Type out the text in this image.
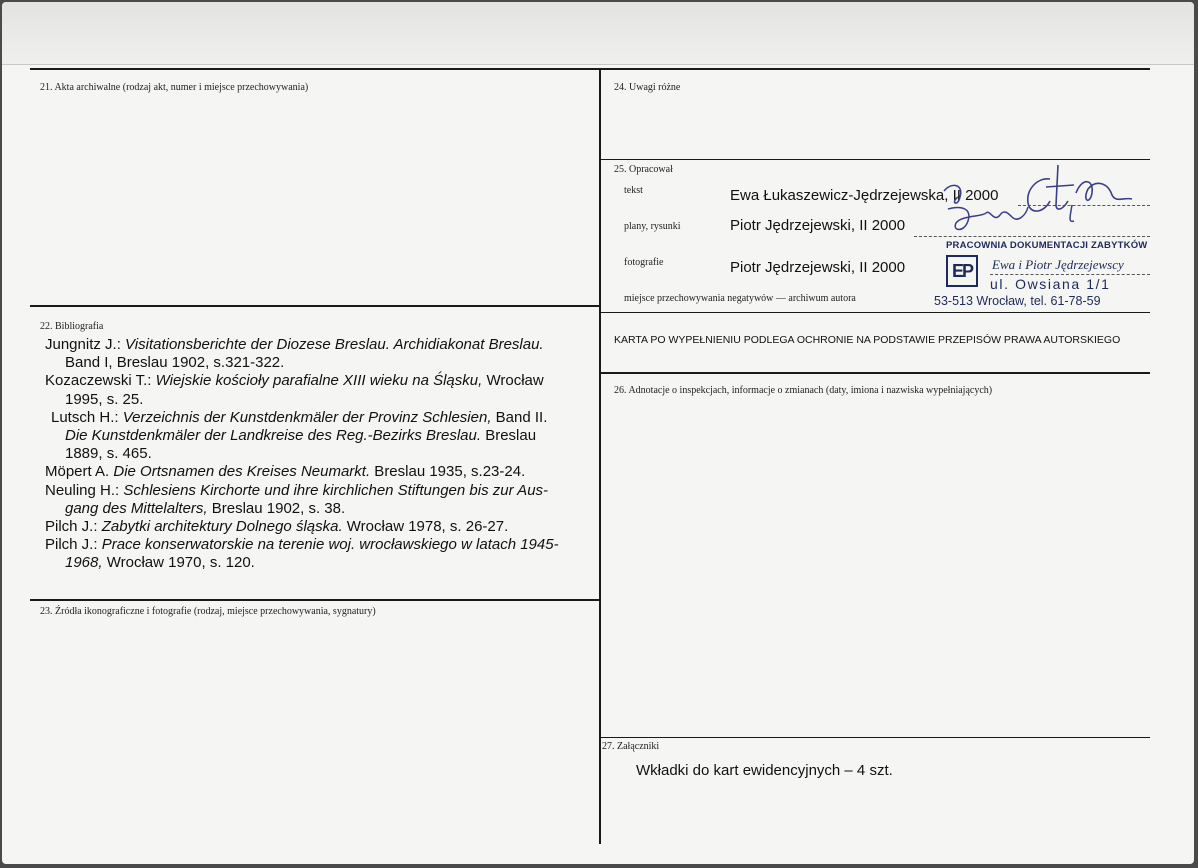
21. Akta archiwalne (rodzaj akt, numer i miejsce przechowywania)	24. Uwagi różne
25. Opracował
tekst	Ewa Łukaszewicz-Jędrzejewska, II 2000
plany, rysunki	Piotr Jędrzejewski, II 2000
fotografie	Piotr Jędrzejewski, II 2000
miejsce przechowywania negatywów — archiwum autora
PRACOWNIA DOKUMENTACJI ZABYTKÓW
EP Ewa i Piotr Jędrzejewscy
ul. Owsiana 1/1
53-513 Wrocław, tel. 61-78-59
KARTA PO WYPEŁNIENIU PODLEGA OCHRONIE NA PODSTAWIE PRZEPISÓW PRAWA AUTORSKIEGO
22. Bibliografia

Jungnitz J.: Visitationsberichte der Diozese Breslau. Archidiakonat Breslau.

Band I, Breslau 1902, s.321-322.

Kozaczewski T.: Wiejskie kościoły parafialne XIII wieku na Śląsku, Wrocław

1995, s. 25.

Lutsch H.: Verzeichnis der Kunstdenkmäler der Provinz Schlesien, Band II.

Die Kunstdenkmäler der Landkreise des Reg.-Bezirks Breslau. Breslau

1889, s. 465.

Möpert A. Die Ortsnamen des Kreises Neumarkt. Breslau 1935, s.23-24.

Neuling H.: Schlesiens Kirchorte und ihre kirchlichen Stiftungen bis zur Aus-

gang des Mittelalters, Breslau 1902, s. 38.

Pilch J.: Zabytki architektury Dolnego śląska. Wrocław 1978, s. 26-27.

Pilch J.: Prace konserwatorskie na terenie woj. wrocławskiego w latach 1945-

1968, Wrocław 1970, s. 120.

23. Źródła ikonograficzne i fotografie (rodzaj, miejsce przechowywania, sygnatury)
26. Adnotacje o inspekcjach, informacje o zmianach (daty, imiona i nazwiska wypełniających)
27. Załączniki
Wkładki do kart ewidencyjnych – 4 szt.
